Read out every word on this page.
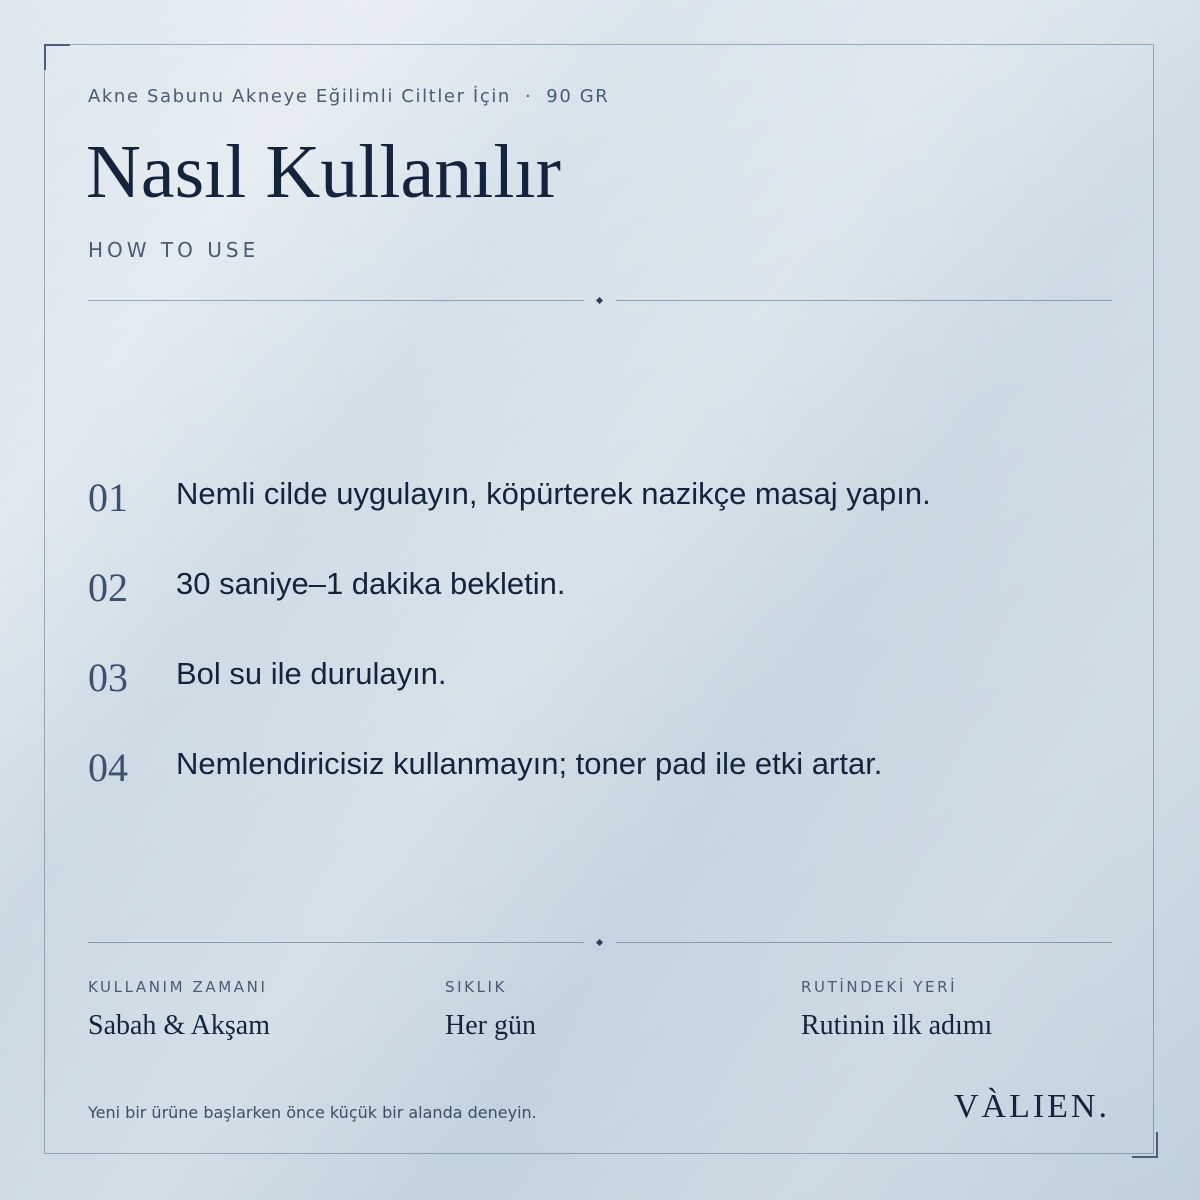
Akne Sabunu Akneye Eğilimli Ciltler İçin · 90 GR
Nasıl Kullanılır
HOW TO USE
01 Nemli cilde uygulayın, köpürterek nazikçe masaj yapın.
02 30 saniye–1 dakika bekletin.
03 Bol su ile durulayın.
04 Nemlendiricisiz kullanmayın; toner pad ile etki artar.
KULLANIM ZAMANI
Sabah & Akşam
SIKLIK
Her gün
RUTİNDEKİ YERİ
Rutinin ilk adımı
Yeni bir ürüne başlarken önce küçük bir alanda deneyin.	VÀLIEN.
